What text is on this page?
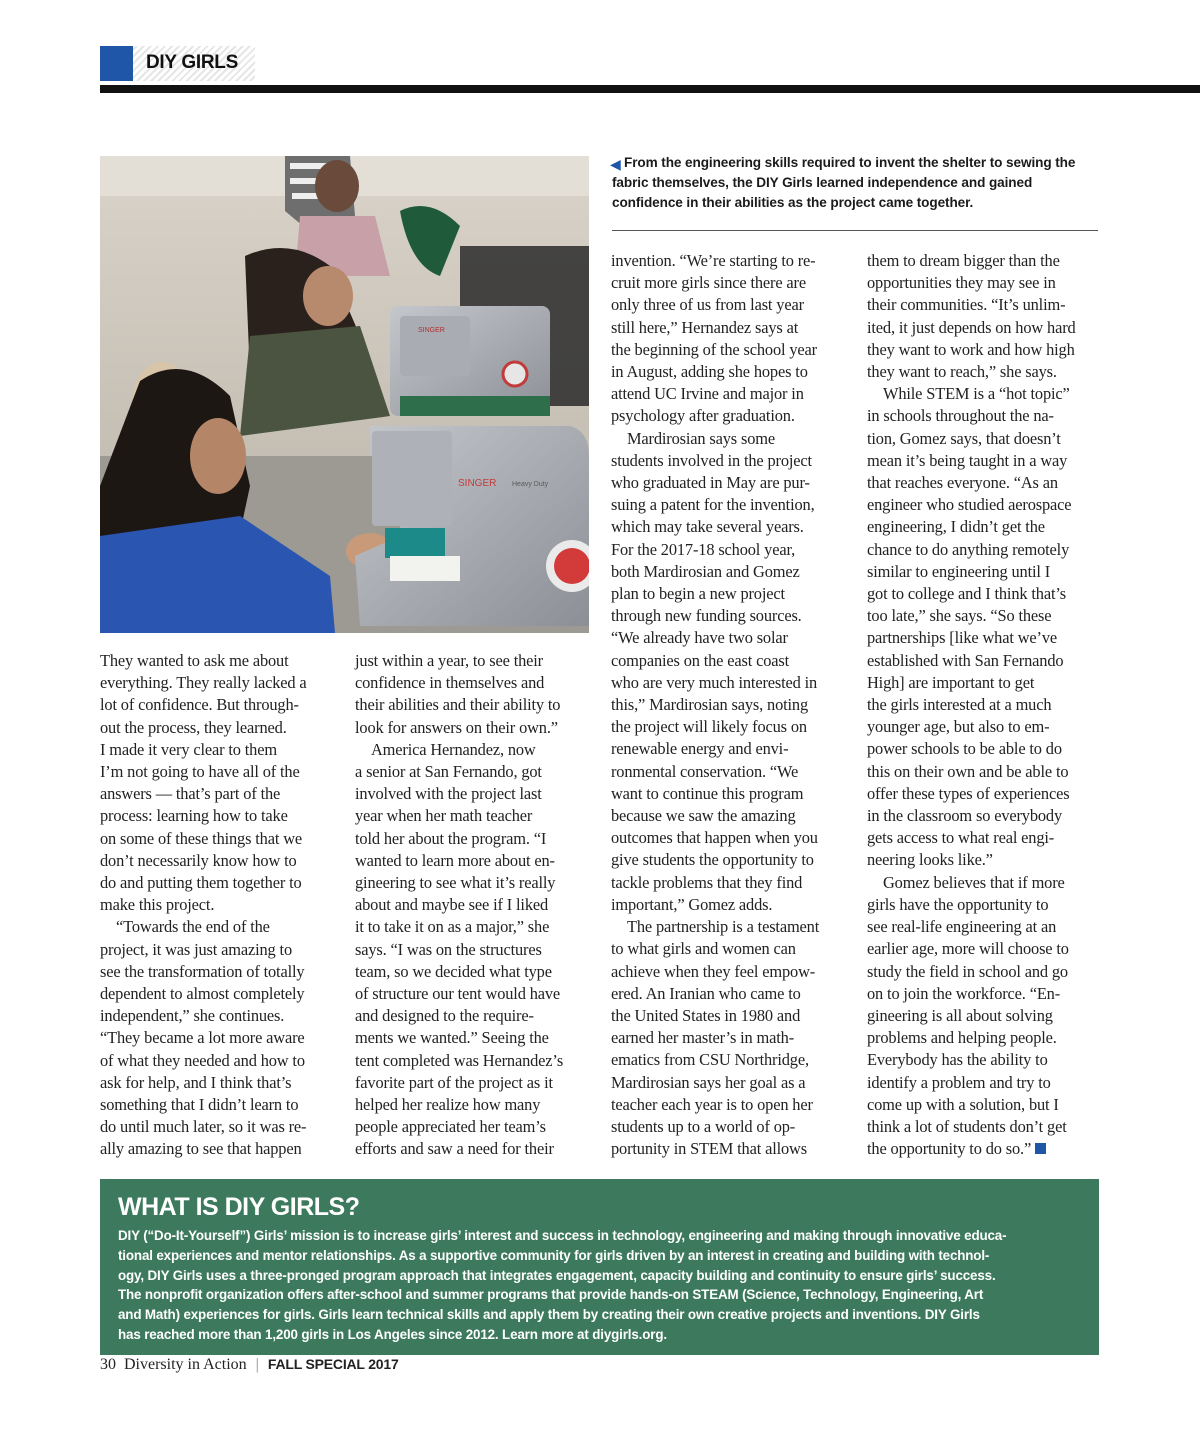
DIY GIRLS
SINGER
SINGER Heavy Duty
◀ From the engineering skills required to invent the shelter to sewing the fabric themselves, the DIY Girls learned independence and gained confidence in their abilities as the project came together.

They wanted to ask me about

everything. They really lacked a

lot of confidence. But through-

out the process, they learned.

I made it very clear to them

I’m not going to have all of the

answers — that’s part of the

process: learning how to take

on some of these things that we

don’t necessarily know how to

do and putting them together to

make this project.

“Towards the end of the

project, it was just amazing to

see the transformation of totally

dependent to almost completely

independent,” she continues.

“They became a lot more aware

of what they needed and how to

ask for help, and I think that’s

something that I didn’t learn to

do until much later, so it was re-

ally amazing to see that happen

just within a year, to see their

confidence in themselves and

their abilities and their ability to

look for answers on their own.”

America Hernandez, now

a senior at San Fernando, got

involved with the project last

year when her math teacher

told her about the program. “I

wanted to learn more about en-

gineering to see what it’s really

about and maybe see if I liked

it to take it on as a major,” she

says. “I was on the structures

team, so we decided what type

of structure our tent would have

and designed to the require-

ments we wanted.” Seeing the

tent completed was Hernandez’s

favorite part of the project as it

helped her realize how many

people appreciated her team’s

efforts and saw a need for their

invention. “We’re starting to re-

cruit more girls since there are

only three of us from last year

still here,” Hernandez says at

the beginning of the school year

in August, adding she hopes to

attend UC Irvine and major in

psychology after graduation.

Mardirosian says some

students involved in the project

who graduated in May are pur-

suing a patent for the invention,

which may take several years.

For the 2017-18 school year,

both Mardirosian and Gomez

plan to begin a new project

through new funding sources.

“We already have two solar

companies on the east coast

who are very much interested in

this,” Mardirosian says, noting

the project will likely focus on

renewable energy and envi-

ronmental conservation. “We

want to continue this program

because we saw the amazing

outcomes that happen when you

give students the opportunity to

tackle problems that they find

important,” Gomez adds.

The partnership is a testament

to what girls and women can

achieve when they feel empow-

ered. An Iranian who came to

the United States in 1980 and

earned her master’s in math-

ematics from CSU Northridge,

Mardirosian says her goal as a

teacher each year is to open her

students up to a world of op-

portunity in STEM that allows

them to dream bigger than the

opportunities they may see in

their communities. “It’s unlim-

ited, it just depends on how hard

they want to work and how high

they want to reach,” she says.

While STEM is a “hot topic”

in schools throughout the na-

tion, Gomez says, that doesn’t

mean it’s being taught in a way

that reaches everyone. “As an

engineer who studied aerospace

engineering, I didn’t get the

chance to do anything remotely

similar to engineering until I

got to college and I think that’s

too late,” she says. “So these

partnerships [like what we’ve

established with San Fernando

High] are important to get

the girls interested at a much

younger age, but also to em-

power schools to be able to do

this on their own and be able to

offer these types of experiences

in the classroom so everybody

gets access to what real engi-

neering looks like.”

Gomez believes that if more

girls have the opportunity to

see real-life engineering at an

earlier age, more will choose to

study the field in school and go

on to join the workforce. “En-

gineering is all about solving

problems and helping people.

Everybody has the ability to

identify a problem and try to

come up with a solution, but I

think a lot of students don’t get

the opportunity to do so.”

WHAT IS DIY GIRLS?

DIY (“Do-It-Yourself”) Girls’ mission is to increase girls’ interest and success in technology, engineering and making through innovative educa-

tional experiences and mentor relationships. As a supportive community for girls driven by an interest in creating and building with technol-

ogy, DIY Girls uses a three-pronged program approach that integrates engagement, capacity building and continuity to ensure girls’ success.

The nonprofit organization offers after-school and summer programs that provide hands-on STEAM (Science, Technology, Engineering, Art

and Math) experiences for girls. Girls learn technical skills and apply them by creating their own creative projects and inventions. DIY Girls

has reached more than 1,200 girls in Los Angeles since 2012. Learn more at diygirls.org.

30 Diversity in Action | FALL SPECIAL 2017
